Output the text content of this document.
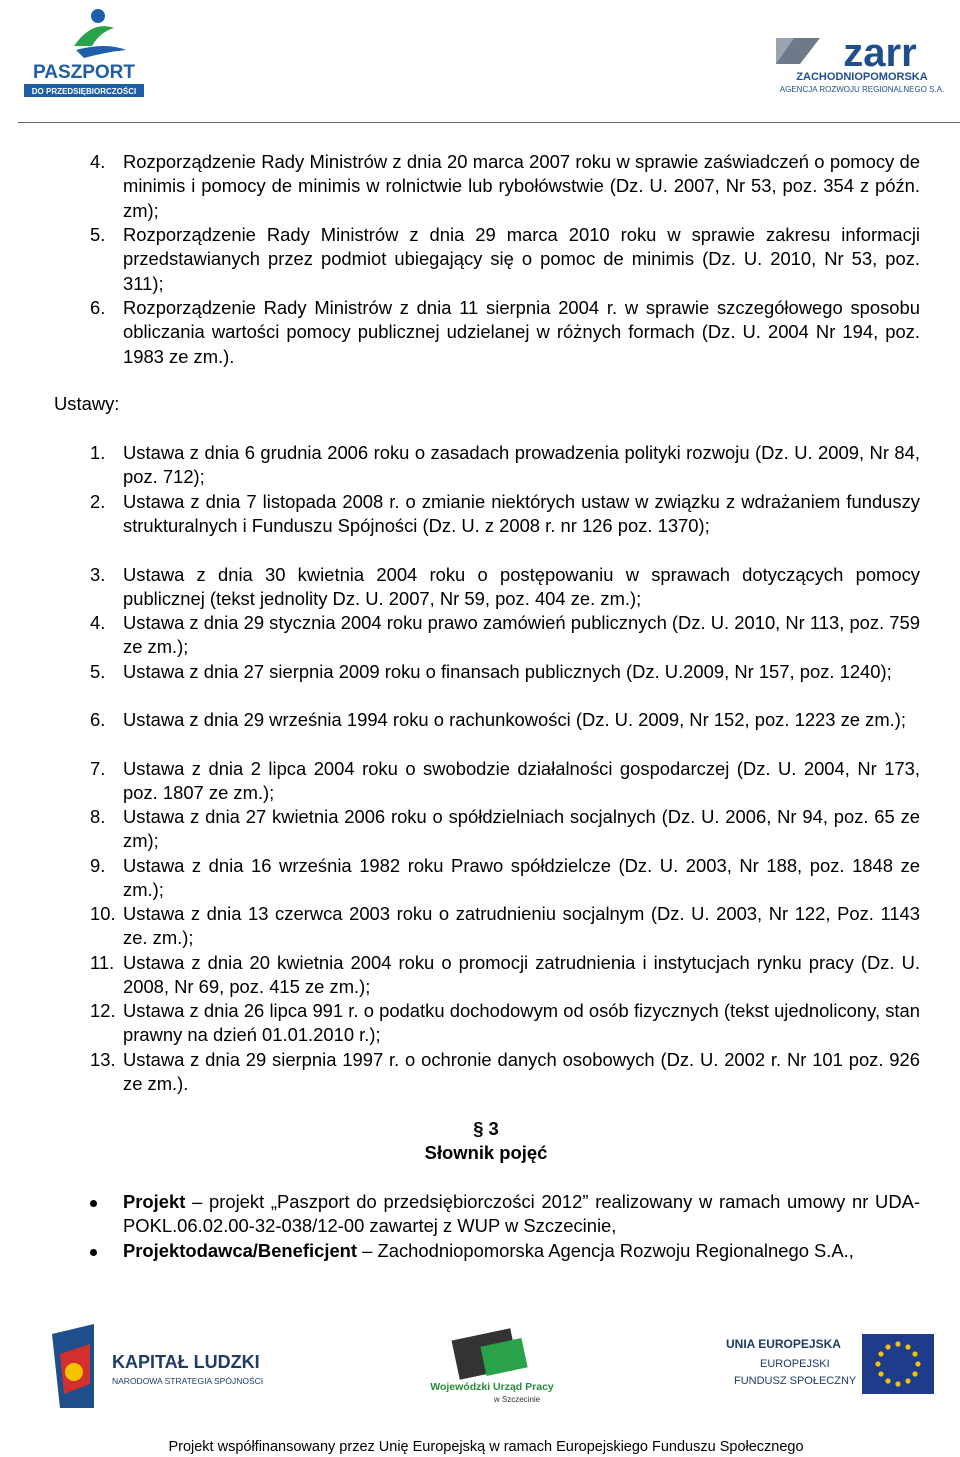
PASZPORT
DO PRZEDSIĘBIORCZOŚCI
zarr
ZACHODNIOPOMORSKA
AGENCJA ROZWOJU REGIONALNEGO S.A.
4. Rozporządzenie Rady Ministrów z dnia 20 marca 2007 roku w sprawie zaświadczeń o pomocy de minimis i pomocy de minimis w rolnictwie lub rybołówstwie (Dz. U. 2007, Nr 53, poz. 354 z późn. zm);
5. Rozporządzenie Rady Ministrów z dnia 29 marca 2010 roku w sprawie zakresu informacji przedstawianych przez podmiot ubiegający się o pomoc de minimis (Dz. U. 2010, Nr 53, poz. 311);
6. Rozporządzenie Rady Ministrów z dnia 11 sierpnia 2004 r. w sprawie szczegółowego sposobu obliczania wartości pomocy publicznej udzielanej w różnych formach (Dz. U. 2004 Nr 194, poz. 1983 ze zm.).
Ustawy:
1. Ustawa z dnia 6 grudnia 2006 roku o zasadach prowadzenia polityki rozwoju (Dz. U. 2009, Nr 84, poz. 712);
2. Ustawa z dnia 7 listopada 2008 r. o zmianie niektórych ustaw w związku z wdrażaniem funduszy strukturalnych i Funduszu Spójności (Dz. U. z 2008 r. nr 126 poz. 1370);
3. Ustawa z dnia 30 kwietnia 2004 roku o postępowaniu w sprawach dotyczących pomocy publicznej (tekst jednolity Dz. U. 2007, Nr 59, poz. 404 ze. zm.);
4. Ustawa z dnia 29 stycznia 2004 roku prawo zamówień publicznych (Dz. U. 2010, Nr 113, poz. 759 ze zm.);
5. Ustawa z dnia 27 sierpnia 2009 roku o finansach publicznych (Dz. U.2009, Nr 157, poz. 1240);
6. Ustawa z dnia 29 września 1994 roku o rachunkowości (Dz. U. 2009, Nr 152, poz. 1223 ze zm.);
7. Ustawa z dnia 2 lipca 2004 roku o swobodzie działalności gospodarczej (Dz. U. 2004, Nr 173, poz. 1807 ze zm.);
8. Ustawa z dnia 27 kwietnia 2006 roku o spółdzielniach socjalnych (Dz. U. 2006, Nr 94, poz. 65 ze zm);
9. Ustawa z dnia 16 września 1982 roku Prawo spółdzielcze (Dz. U. 2003, Nr 188, poz. 1848 ze zm.);
10. Ustawa z dnia 13 czerwca 2003 roku o zatrudnieniu socjalnym (Dz. U. 2003, Nr 122, Poz. 1143 ze. zm.);
11. Ustawa z dnia 20 kwietnia 2004 roku o promocji zatrudnienia i instytucjach rynku pracy (Dz. U. 2008, Nr 69, poz. 415 ze zm.);
12. Ustawa z dnia 26 lipca 991 r. o podatku dochodowym od osób fizycznych (tekst ujednolicony, stan prawny na dzień 01.01.2010 r.);
13. Ustawa z dnia 29 sierpnia 1997 r. o ochronie danych osobowych (Dz. U. 2002 r. Nr 101 poz. 926 ze zm.).
§ 3
Słownik pojęć
Projekt – projekt „Paszport do przedsiębiorczości 2012” realizowany w ramach umowy nr UDA-POKL.06.02.00-32-038/12-00 zawartej z WUP w Szczecinie,
Projektodawca/Beneficjent – Zachodniopomorska Agencja Rozwoju Regionalnego S.A.,
KAPITAŁ LUDZKI
NARODOWA STRATEGIA SPÓJNOŚCI	Wojewódzki Urząd Pracy
w Szczecinie
UNIA EUROPEJSKA
EUROPEJSKI
FUNDUSZ SPOŁECZNY
Projekt współfinansowany przez Unię Europejską w ramach Europejskiego Funduszu Społecznego
